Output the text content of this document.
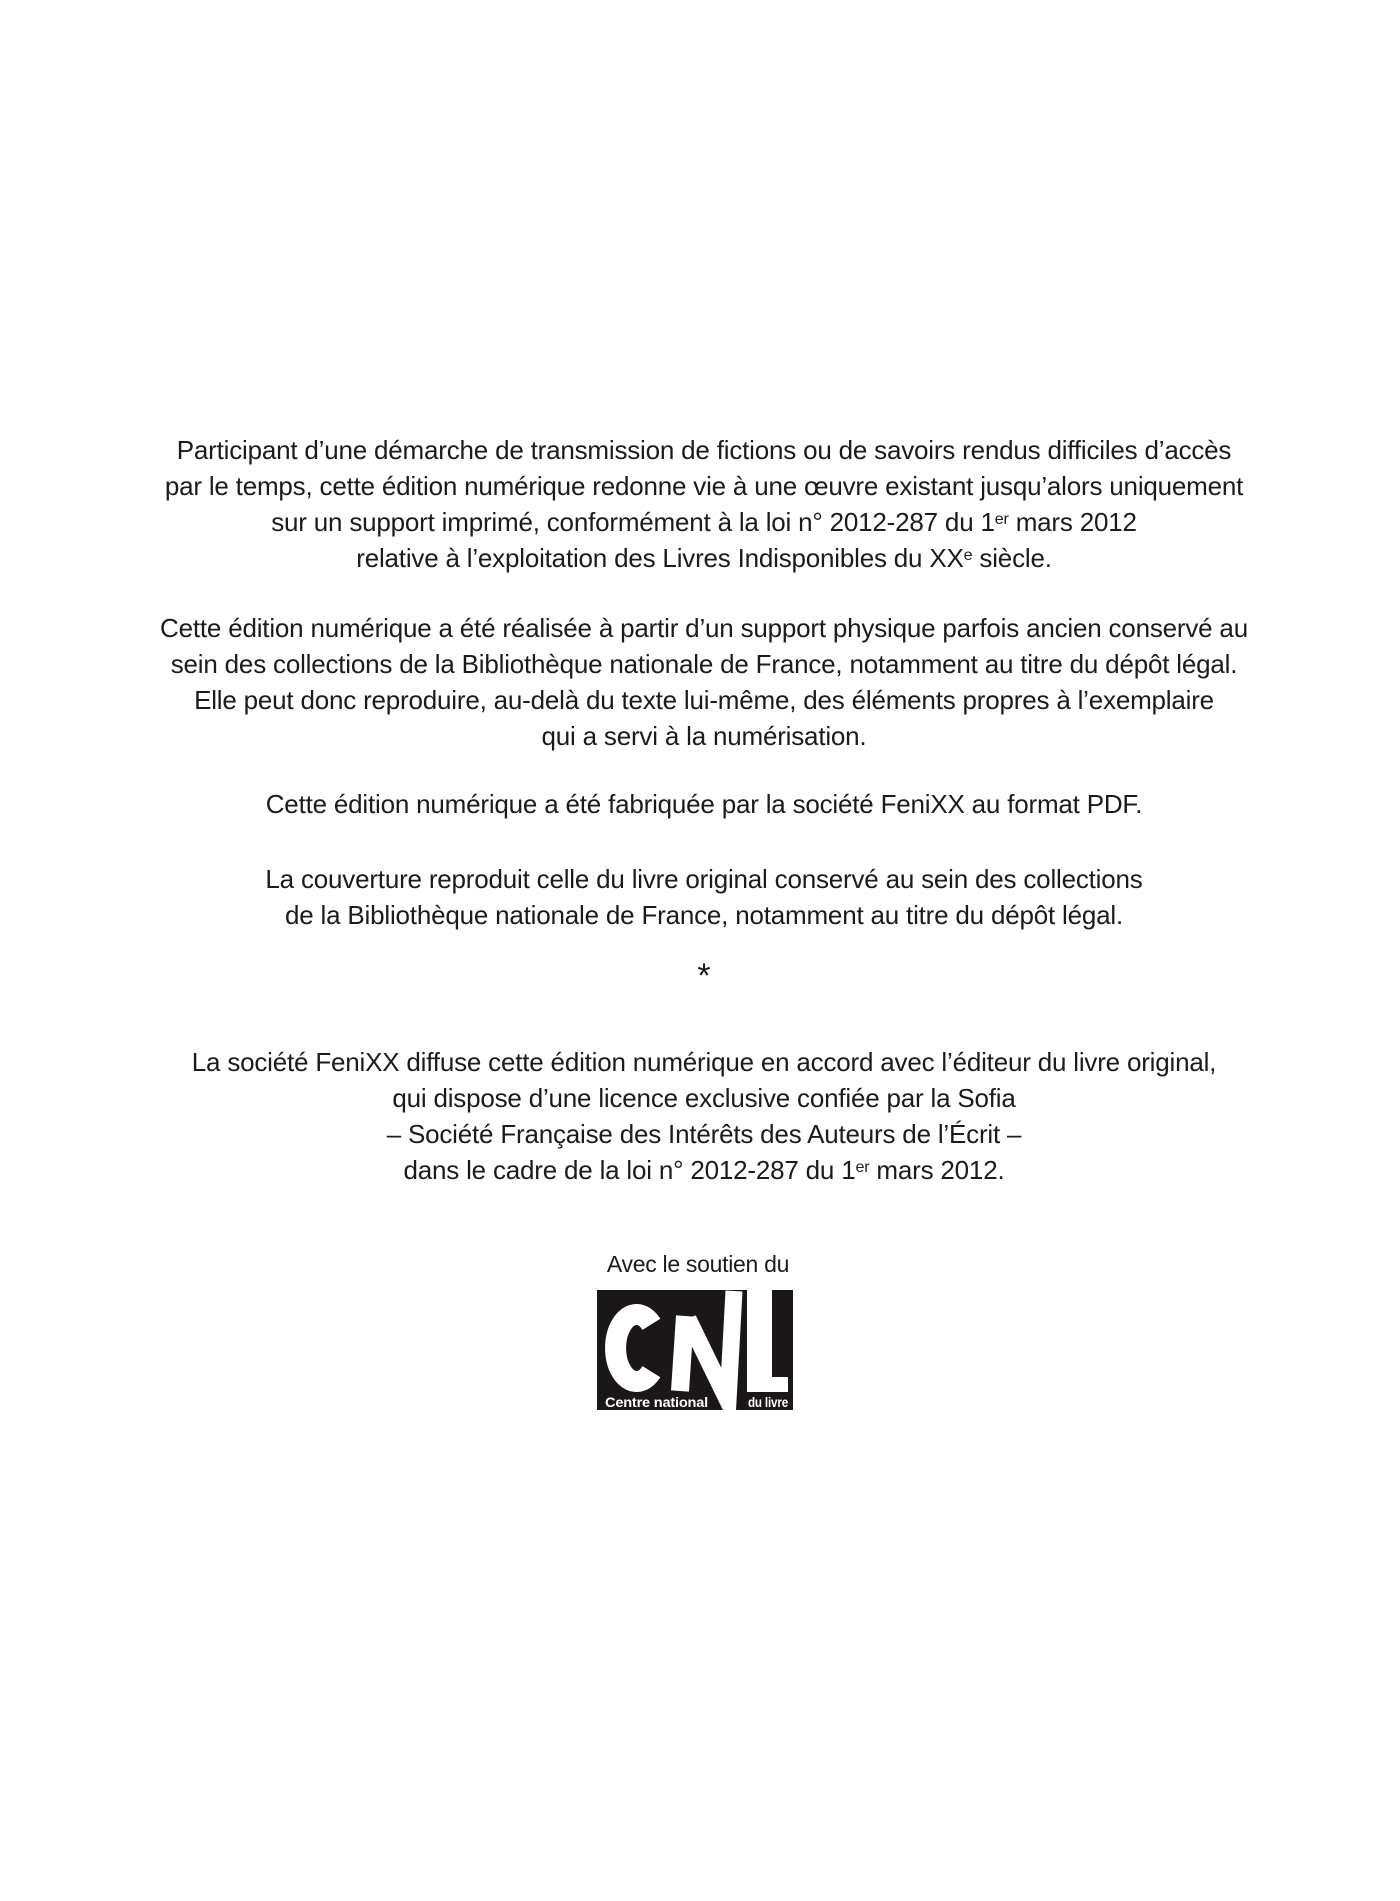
Participant d’une démarche de transmission de fictions ou de savoirs rendus difficiles d’accès
par le temps, cette édition numérique redonne vie à une œuvre existant jusqu’alors uniquement
sur un support imprimé, conformément à la loi n° 2012-287 du 1er mars 2012
relative à l’exploitation des Livres Indisponibles du XXe siècle.
Cette édition numérique a été réalisée à partir d’un support physique parfois ancien conservé au
sein des collections de la Bibliothèque nationale de France, notamment au titre du dépôt légal.
Elle peut donc reproduire, au-delà du texte lui-même, des éléments propres à l’exemplaire
qui a servi à la numérisation.
Cette édition numérique a été fabriquée par la société FeniXX au format PDF.
La couverture reproduit celle du livre original conservé au sein des collections
de la Bibliothèque nationale de France, notamment au titre du dépôt légal.
*
La société FeniXX diffuse cette édition numérique en accord avec l’éditeur du livre original,
qui dispose d’une licence exclusive confiée par la Sofia
– Société Française des Intérêts des Auteurs de l’Écrit –
dans le cadre de la loi n° 2012-287 du 1er mars 2012.
Avec le soutien du
Centre national	du livre
